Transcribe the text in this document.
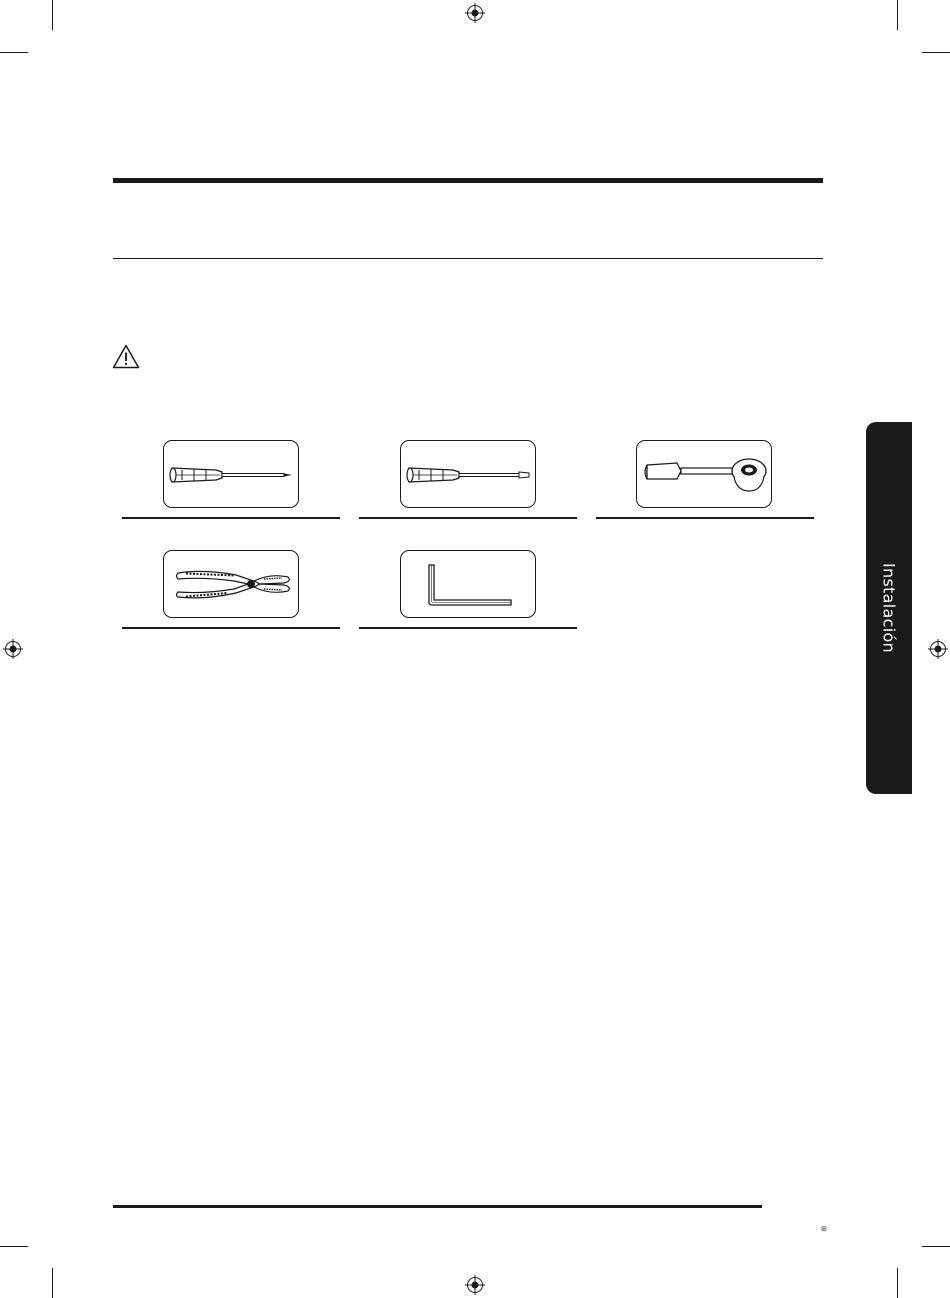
Instalación
⊞
